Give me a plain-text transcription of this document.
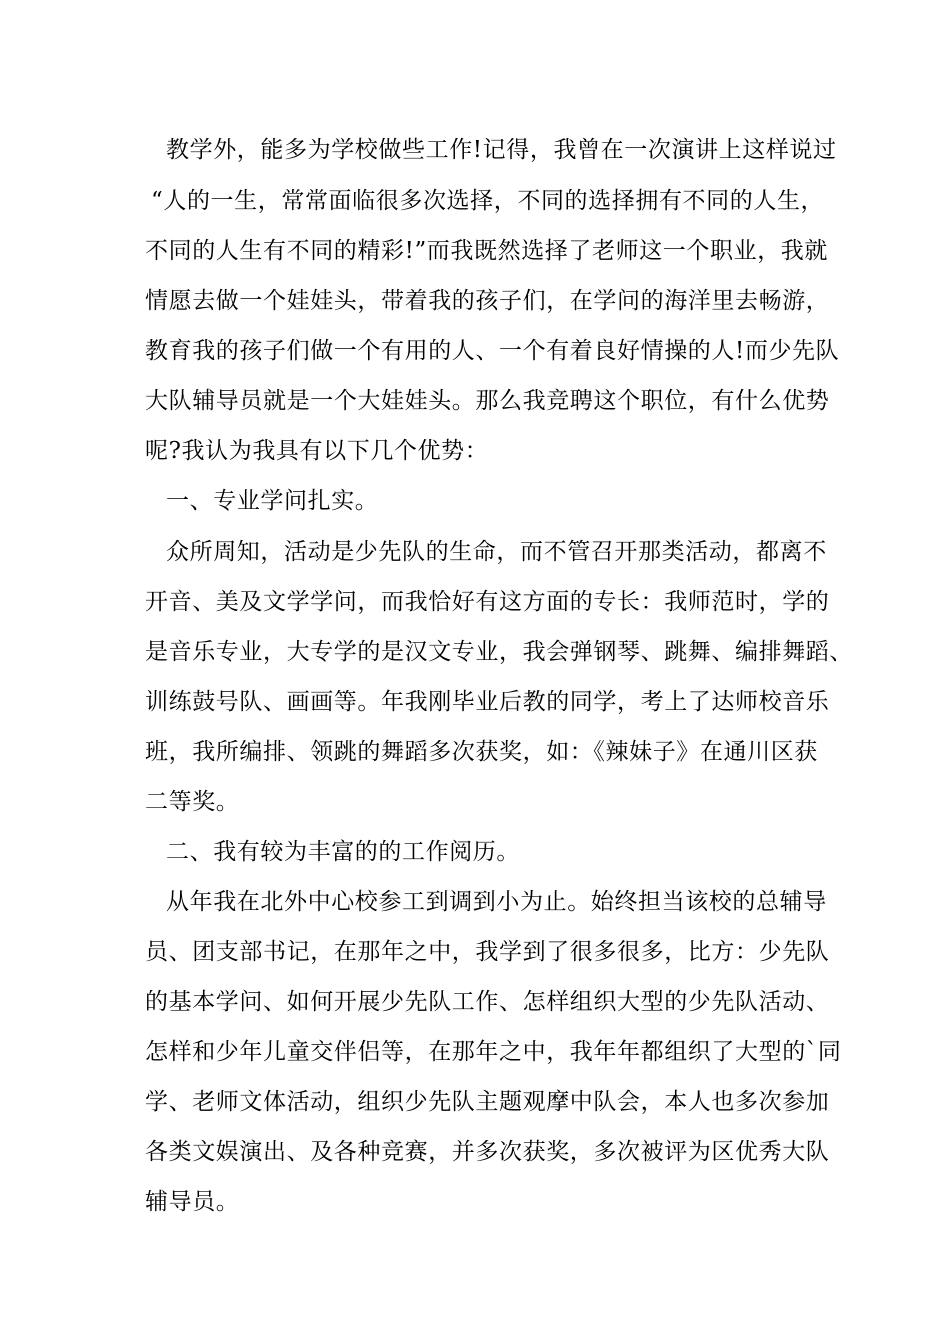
教学外，能多为学校做些工作!记得，我曾在一次演讲上这样说过
“人的一生，常常面临很多次选择，不同的选择拥有不同的人生，
不同的人生有不同的精彩!”而我既然选择了老师这一个职业，我就
情愿去做一个娃娃头，带着我的孩子们，在学问的海洋里去畅游，
教育我的孩子们做一个有用的人、一个有着良好情操的人!而少先队
大队辅导员就是一个大娃娃头。那么我竞聘这个职位，有什么优势
呢?我认为我具有以下几个优势：
一、专业学问扎实。
众所周知，活动是少先队的生命，而不管召开那类活动，都离不
开音、美及文学学问，而我恰好有这方面的专长：我师范时，学的
是音乐专业，大专学的是汉文专业，我会弹钢琴、跳舞、编排舞蹈、
训练鼓号队、画画等。年我刚毕业后教的同学，考上了达师校音乐
班，我所编排、领跳的舞蹈多次获奖，如：《辣妹子》在通川区获
二等奖。
二、我有较为丰富的的工作阅历。
从年我在北外中心校参工到调到小为止。始终担当该校的总辅导
员、团支部书记，在那年之中，我学到了很多很多，比方：少先队
的基本学问、如何开展少先队工作、怎样组织大型的少先队活动、
怎样和少年儿童交伴侣等，在那年之中，我年年都组织了大型的`同
学、老师文体活动，组织少先队主题观摩中队会，本人也多次参加
各类文娱演出、及各种竞赛，并多次获奖，多次被评为区优秀大队
辅导员。
